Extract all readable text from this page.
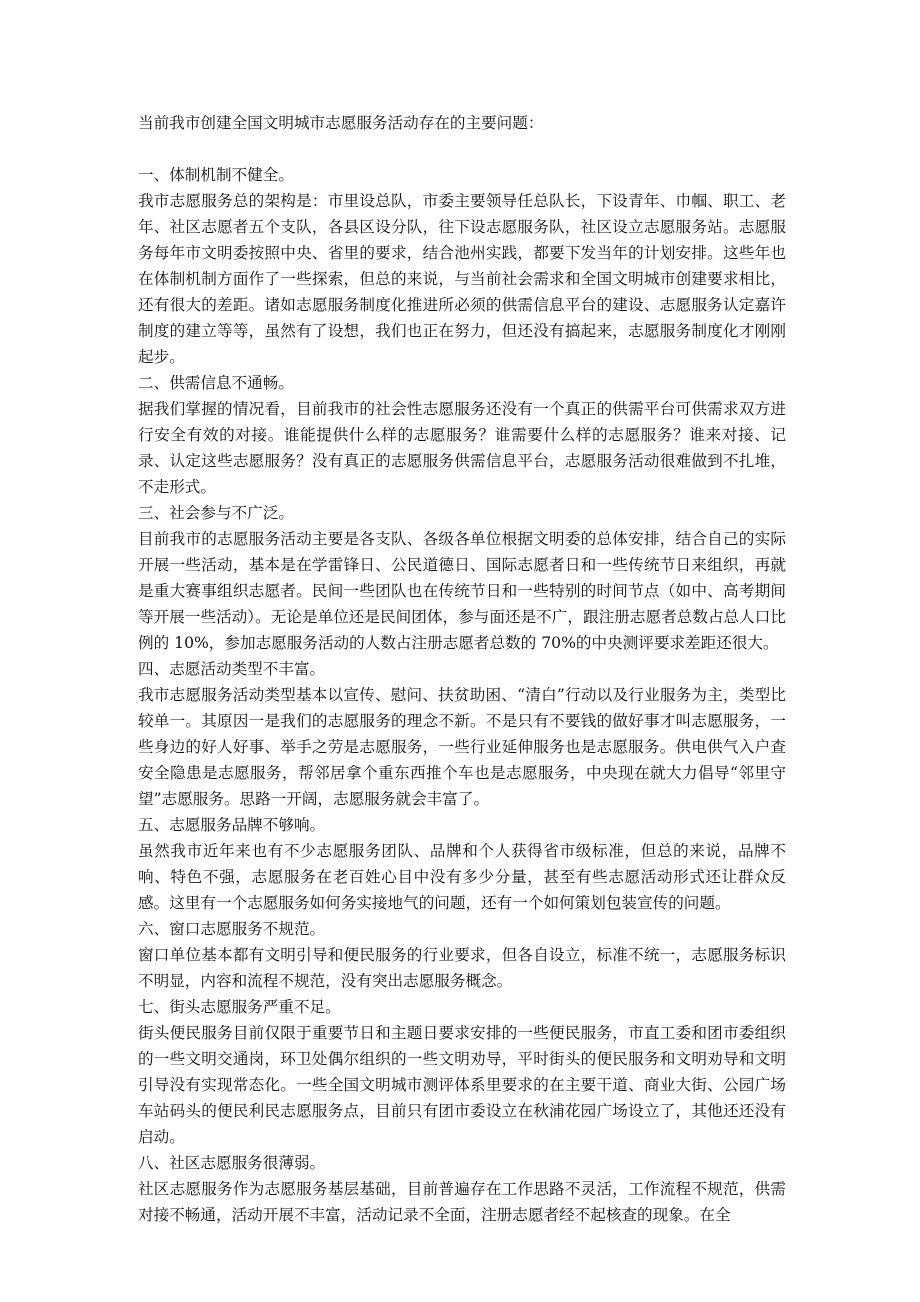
当前我市创建全国文明城市志愿服务活动存在的主要问题：

一、体制机制不健全。

我市志愿服务总的架构是：市里设总队，市委主要领导任总队长，下设青年、巾帼、职工、老年、社区志愿者五个支队，各县区设分队，往下设志愿服务队，社区设立志愿服务站。志愿服务每年市文明委按照中央、省里的要求，结合池州实践，都要下发当年的计划安排。这些年也在体制机制方面作了一些探索，但总的来说，与当前社会需求和全国文明城市创建要求相比，还有很大的差距。诸如志愿服务制度化推进所必须的供需信息平台的建设、志愿服务认定嘉许制度的建立等等，虽然有了设想，我们也正在努力，但还没有搞起来，志愿服务制度化才刚刚起步。

二、供需信息不通畅。

据我们掌握的情况看，目前我市的社会性志愿服务还没有一个真正的供需平台可供需求双方进行安全有效的对接。谁能提供什么样的志愿服务？谁需要什么样的志愿服务？谁来对接、记录、认定这些志愿服务？没有真正的志愿服务供需信息平台，志愿服务活动很难做到不扎堆，不走形式。

三、社会参与不广泛。

目前我市的志愿服务活动主要是各支队、各级各单位根据文明委的总体安排，结合自己的实际开展一些活动，基本是在学雷锋日、公民道德日、国际志愿者日和一些传统节日来组织，再就是重大赛事组织志愿者。民间一些团队也在传统节日和一些特别的时间节点（如中、高考期间等开展一些活动）。无论是单位还是民间团体，参与面还是不广，跟注册志愿者总数占总人口比例的 10%，参加志愿服务活动的人数占注册志愿者总数的 70%的中央测评要求差距还很大。

四、志愿活动类型不丰富。

我市志愿服务活动类型基本以宣传、慰问、扶贫助困、“清白”行动以及行业服务为主，类型比较单一。其原因一是我们的志愿服务的理念不新。不是只有不要钱的做好事才叫志愿服务，一些身边的好人好事、举手之劳是志愿服务，一些行业延伸服务也是志愿服务。供电供气入户查安全隐患是志愿服务，帮邻居拿个重东西推个车也是志愿服务，中央现在就大力倡导“邻里守望”志愿服务。思路一开阔，志愿服务就会丰富了。

五、志愿服务品牌不够响。

虽然我市近年来也有不少志愿服务团队、品牌和个人获得省市级标准，但总的来说，品牌不响、特色不强，志愿服务在老百姓心目中没有多少分量，甚至有些志愿活动形式还让群众反感。这里有一个志愿服务如何务实接地气的问题，还有一个如何策划包装宣传的问题。

六、窗口志愿服务不规范。

窗口单位基本都有文明引导和便民服务的行业要求，但各自设立，标准不统一，志愿服务标识不明显，内容和流程不规范，没有突出志愿服务概念。

七、街头志愿服务严重不足。

街头便民服务目前仅限于重要节日和主题日要求安排的一些便民服务，市直工委和团市委组织的一些文明交通岗，环卫处偶尔组织的一些文明劝导，平时街头的便民服务和文明劝导和文明引导没有实现常态化。一些全国文明城市测评体系里要求的在主要干道、商业大街、公园广场车站码头的便民利民志愿服务点，目前只有团市委设立在秋浦花园广场设立了，其他还还没有启动。

八、社区志愿服务很薄弱。

社区志愿服务作为志愿服务基层基础，目前普遍存在工作思路不灵活，工作流程不规范，供需对接不畅通，活动开展不丰富，活动记录不全面，注册志愿者经不起核查的现象。在全
